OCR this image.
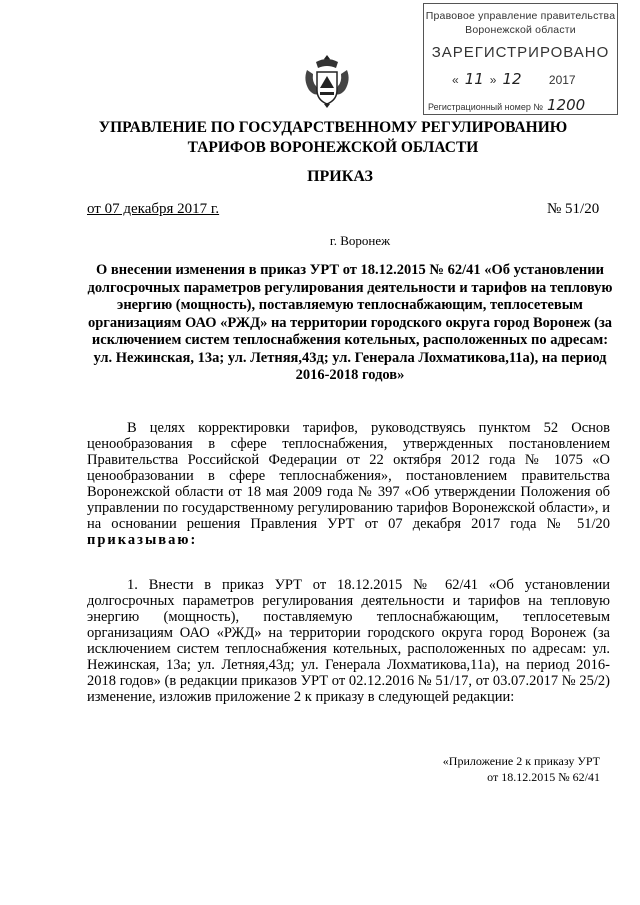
Правовое управление правительства
Воронежской области
ЗАРЕГИСТРИРОВАНО
« 11 » 12 2017
Регистрационный номер № 1200
УПРАВЛЕНИЕ ПО ГОСУДАРСТВЕННОМУ РЕГУЛИРОВАНИЮ
ТАРИФОВ ВОРОНЕЖСКОЙ ОБЛАСТИ
ПРИКАЗ
от 07 декабря 2017 г.	№ 51/20
г. Воронеж
О внесении изменения в приказ УРТ от 18.12.2015 № 62/41 «Об установлении долгосрочных параметров регулирования деятельности и тарифов на тепловую энергию (мощность), поставляемую теплоснабжающим, теплосетевым организациям ОАО «РЖД» на территории городского округа город Воронеж (за исключением систем теплоснабжения котельных, расположенных по адресам: ул. Нежинская, 13а; ул. Летняя,43д; ул. Генерала Лохматикова,11а), на период 2016-2018 годов»
В целях корректировки тарифов, руководствуясь пунктом 52 Основ ценообразования в сфере теплоснабжения, утвержденных постановлением Правительства Российской Федерации от 22 октября 2012 года № 1075 «О ценообразовании в сфере теплоснабжения», постановлением правительства Воронежской области от 18 мая 2009 года № 397 «Об утверждении Положения об управлении по государственному регулированию тарифов Воронежской области», и на основании решения Правления УРТ от 07 декабря 2017 года № 51/20 приказываю:
1. Внести в приказ УРТ от 18.12.2015 № 62/41 «Об установлении долгосрочных параметров регулирования деятельности и тарифов на тепловую энергию (мощность), поставляемую теплоснабжающим, теплосетевым организациям ОАО «РЖД» на территории городского округа город Воронеж (за исключением систем теплоснабжения котельных, расположенных по адресам: ул. Нежинская, 13а; ул. Летняя,43д; ул. Генерала Лохматикова,11а), на период 2016-2018 годов» (в редакции приказов УРТ от 02.12.2016 № 51/17, от 03.07.2017 № 25/2) изменение, изложив приложение 2 к приказу в следующей редакции:
«Приложение 2 к приказу УРТ
от 18.12.2015 № 62/41
